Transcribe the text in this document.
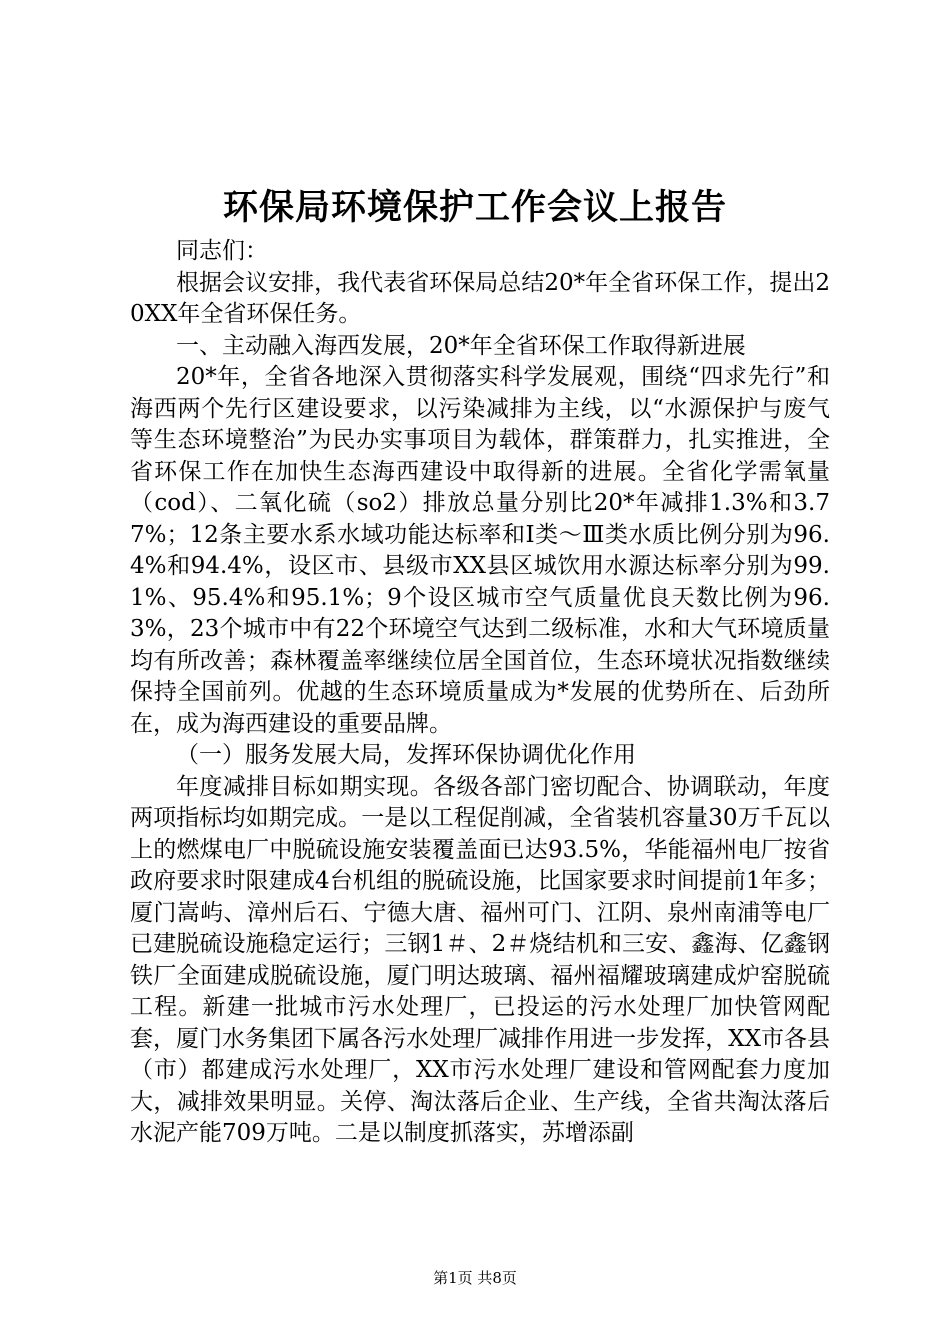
环保局环境保护工作会议上报告

同志们：

根据会议安排，我代表省环保局总结20*年全省环保工作，提出20XX年全省环保任务。

一、主动融入海西发展，20*年全省环保工作取得新进展

20*年，全省各地深入贯彻落实科学发展观，围绕“四求先行”和海西两个先行区建设要求，以污染减排为主线，以“水源保护与废气等生态环境整治”为民办实事项目为载体，群策群力，扎实推进，全省环保工作在加快生态海西建设中取得新的进展。全省化学需氧量（cod）、二氧化硫（so2）排放总量分别比20*年减排1.3%和3.77%；12条主要水系水域功能达标率和Ⅰ类～Ⅲ类水质比例分别为96.4%和94.4%，设区市、县级市XX县区城饮用水源达标率分别为99.1%、95.4%和95.1%；9个设区城市空气质量优良天数比例为96.3%，23个城市中有22个环境空气达到二级标准，水和大气环境质量均有所改善；森林覆盖率继续位居全国首位，生态环境状况指数继续保持全国前列。优越的生态环境质量成为*发展的优势所在、后劲所在，成为海西建设的重要品牌。

（一）服务发展大局，发挥环保协调优化作用

年度减排目标如期实现。各级各部门密切配合、协调联动，年度两项指标均如期完成。一是以工程促削减，全省装机容量30万千瓦以上的燃煤电厂中脱硫设施安装覆盖面已达93.5%，华能福州电厂按省政府要求时限建成4台机组的脱硫设施，比国家要求时间提前1年多；厦门嵩屿、漳州后石、宁德大唐、福州可门、江阴、泉州南浦等电厂已建脱硫设施稳定运行；三钢1＃、2＃烧结机和三安、鑫海、亿鑫钢铁厂全面建成脱硫设施，厦门明达玻璃、福州福耀玻璃建成炉窑脱硫工程。新建一批城市污水处理厂，已投运的污水处理厂加快管网配套，厦门水务集团下属各污水处理厂减排作用进一步发挥，XX市各县（市）都建成污水处理厂，XX市污水处理厂建设和管网配套力度加大，减排效果明显。关停、淘汰落后企业、生产线，全省共淘汰落后水泥产能709万吨。二是以制度抓落实，苏增添副

第1页 共8页
